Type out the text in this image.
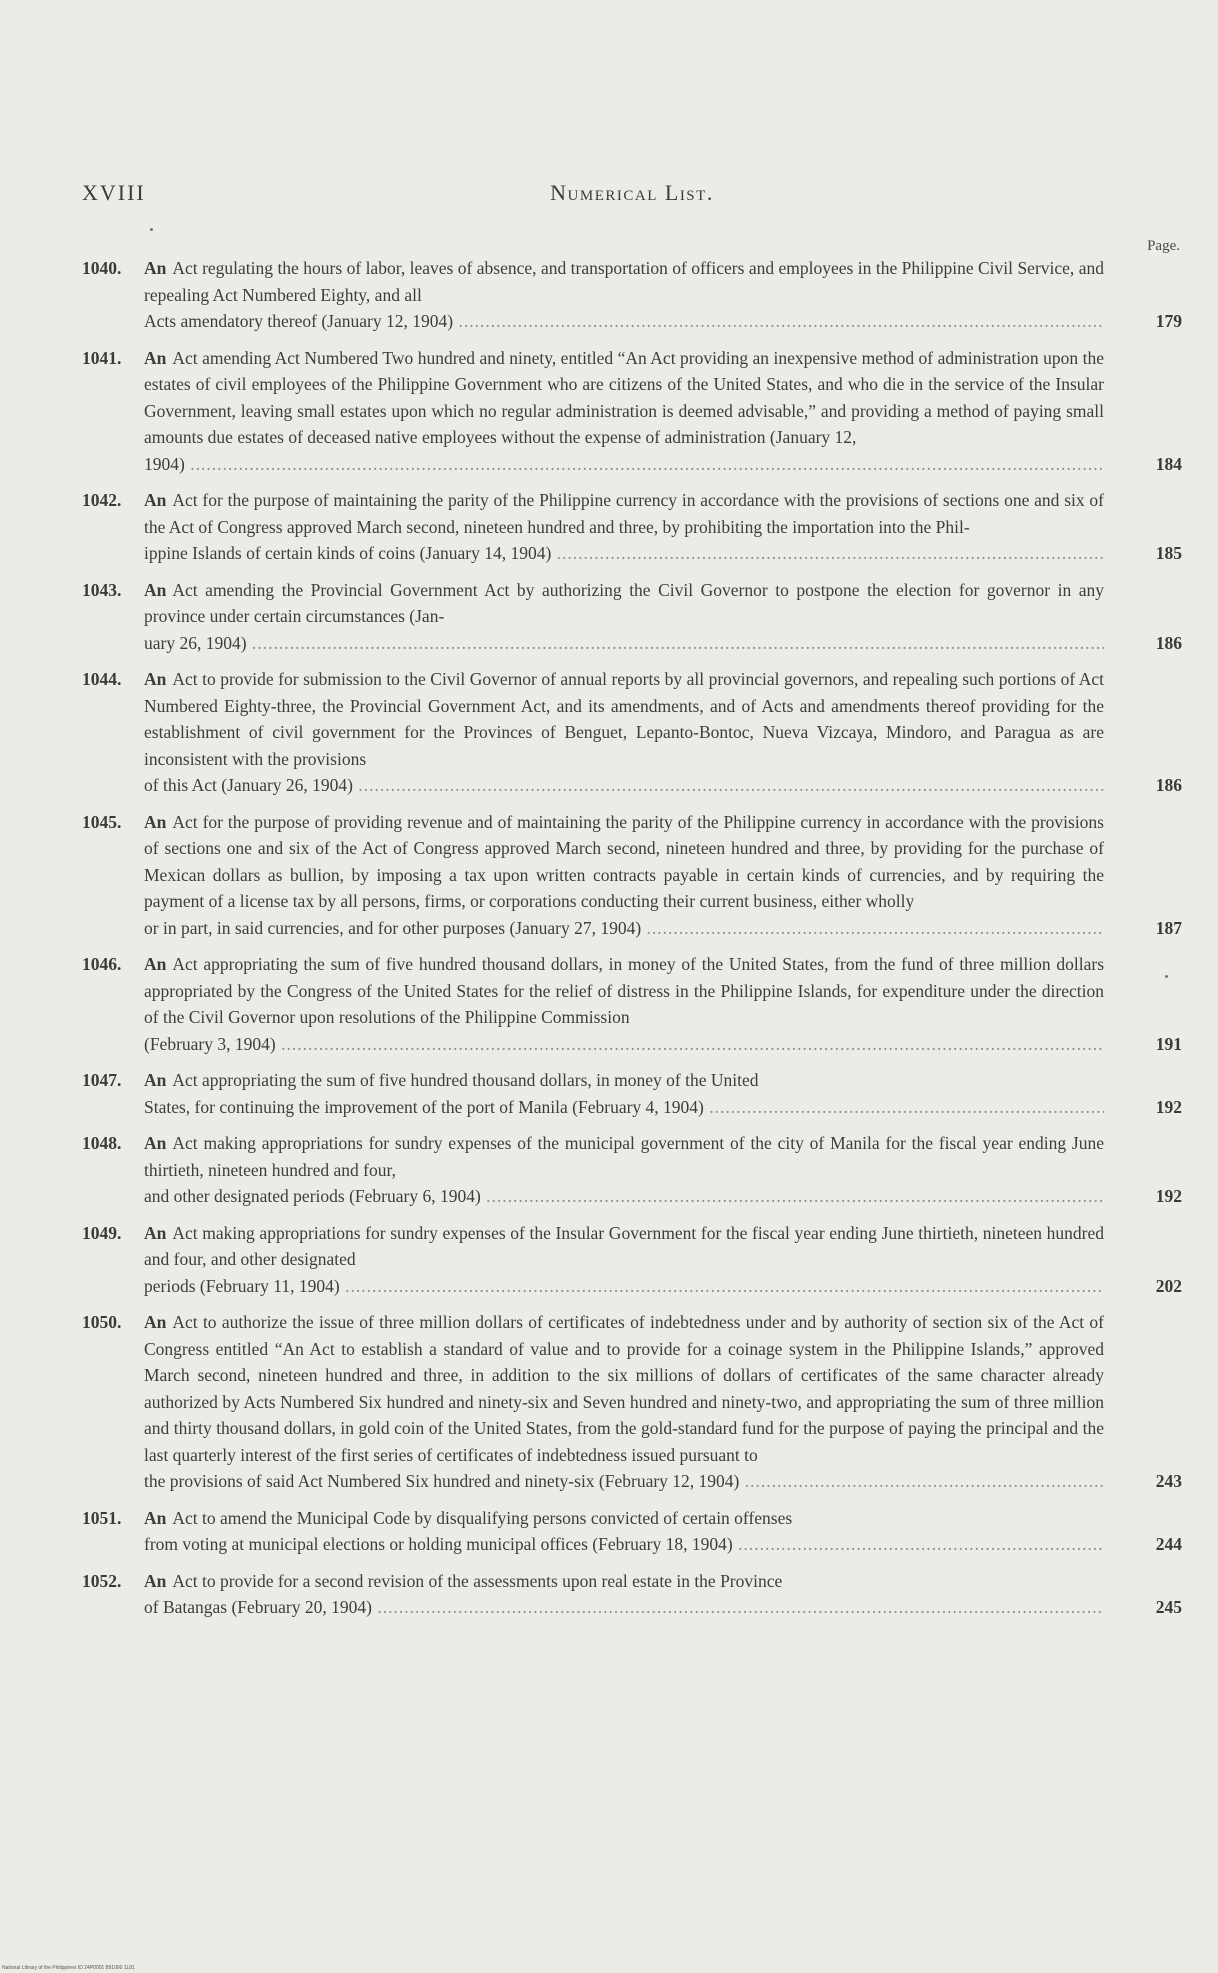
XVIII	Numerical List.
Page.
1040.	An Act regulating the hours of labor, leaves of absence, and transportation of officers and employees in the Philippine Civil Service, and repealing Act Numbered Eighty, and all
Acts amendatory thereof (January 12, 1904) .....	179
1041.	An Act amending Act Numbered Two hundred and ninety, entitled “An Act providing an inexpensive method of administration upon the estates of civil employees of the Philippine Government who are citizens of the United States, and who die in the service of the Insular Government, leaving small estates upon which no regular administration is deemed advisable,” and providing a method of paying small amounts due estates of deceased native employees without the expense of administration (January 12,
1904) .....	184
1042.	An Act for the purpose of maintaining the parity of the Philippine currency in accordance with the provisions of sections one and six of the Act of Congress approved March second, nineteen hundred and three, by prohibiting the importation into the Phil-
ippine Islands of certain kinds of coins (January 14, 1904) .....	185
1043.	An Act amending the Provincial Government Act by authorizing the Civil Governor to postpone the election for governor in any province under certain circumstances (Jan-
uary 26, 1904) .....	186
1044.	An Act to provide for submission to the Civil Governor of annual reports by all provincial governors, and repealing such portions of Act Numbered Eighty-three, the Provincial Government Act, and its amendments, and of Acts and amendments thereof providing for the establishment of civil government for the Provinces of Benguet, Lepanto-Bontoc, Nueva Vizcaya, Mindoro, and Paragua as are inconsistent with the provisions
of this Act (January 26, 1904) .....	186
1045.	An Act for the purpose of providing revenue and of maintaining the parity of the Philippine currency in accordance with the provisions of sections one and six of the Act of Congress approved March second, nineteen hundred and three, by providing for the purchase of Mexican dollars as bullion, by imposing a tax upon written contracts payable in certain kinds of currencies, and by requiring the payment of a license tax by all persons, firms, or corporations conducting their current business, either wholly
or in part, in said currencies, and for other purposes (January 27, 1904) .....	187
1046.	An Act appropriating the sum of five hundred thousand dollars, in money of the United States, from the fund of three million dollars appropriated by the Congress of the United States for the relief of distress in the Philippine Islands, for expenditure under the direction of the Civil Governor upon resolutions of the Philippine Commission
(February 3, 1904) .....	191
1047.	An Act appropriating the sum of five hundred thousand dollars, in money of the United
States, for continuing the improvement of the port of Manila (February 4, 1904) .....	192
1048.	An Act making appropriations for sundry expenses of the municipal government of the city of Manila for the fiscal year ending June thirtieth, nineteen hundred and four,
and other designated periods (February 6, 1904) .....	192
1049.	An Act making appropriations for sundry expenses of the Insular Government for the fiscal year ending June thirtieth, nineteen hundred and four, and other designated
periods (February 11, 1904) .....	202
1050.	An Act to authorize the issue of three million dollars of certificates of indebtedness under and by authority of section six of the Act of Congress entitled “An Act to establish a standard of value and to provide for a coinage system in the Philippine Islands,” approved March second, nineteen hundred and three, in addition to the six millions of dollars of certificates of the same character already authorized by Acts Numbered Six hundred and ninety-six and Seven hundred and ninety-two, and appropriating the sum of three million and thirty thousand dollars, in gold coin of the United States, from the gold-standard fund for the purpose of paying the principal and the last quarterly interest of the first series of certificates of indebtedness issued pursuant to
the provisions of said Act Numbered Six hundred and ninety-six (February 12, 1904) .....	243
1051.	An Act to amend the Municipal Code by disqualifying persons convicted of certain offenses
from voting at municipal elections or holding municipal offices (February 18, 1904) .....	244
1052.	An Act to provide for a second revision of the assessments upon real estate in the Province
of Batangas (February 20, 1904) .....	245
National Library of the Philippines ID 24P0001 891000 1L81
